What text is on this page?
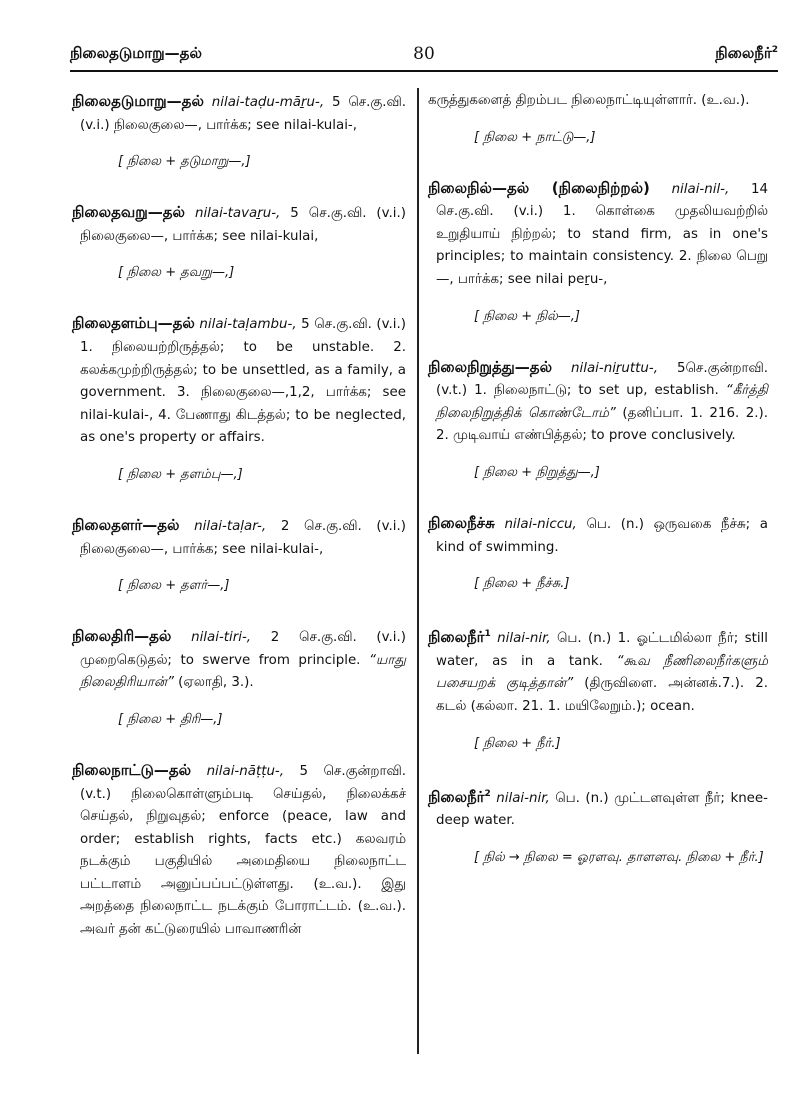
நிலைதடுமாறு—தல்	80	நிலைநீர்$^2$

நிலைதடுமாறு—தல் nilai-taḍu-māṟu-, 5 செ.கு.வி. (v.i.) நிலைகுலை—, பார்க்க; see nilai-kulai-,

[ நிலை + தடுமாறு—,]

நிலைதவறு—தல் nilai-tavaṟu-, 5 செ.கு.வி. (v.i.) நிலைகுலை—, பார்க்க; see nilai-kulai,

[ நிலை + தவறு—,]

நிலைதளம்பு—தல் nilai-taḷambu-, 5 செ.கு.வி. (v.i.) 1. நிலையற்றிருத்தல்; to be unstable. 2. கலக்கமுற்றிருத்தல்; to be unsettled, as a family, a government. 3. நிலைகுலை—,1,2, பார்க்க; see nilai-kulai-, 4. பேணாது கிடத்தல்; to be neglected, as one's property or affairs.

[ நிலை + தளம்பு—,]

நிலைதளர்—தல் nilai-taḷar-, 2 செ.கு.வி. (v.i.) நிலைகுலை—, பார்க்க; see nilai-kulai-,

[ நிலை + தளர்—,]

நிலைதிரி—தல் nilai-tiri-, 2 செ.கு.வி. (v.i.) முறைகெடுதல்; to swerve from principle. “யாது நிலைதிரியான்” (ஏலாதி, 3.).

[ நிலை + திரி—,]

நிலைநாட்டு—தல் nilai-nāṭṭu-, 5 செ.குன்றாவி. (v.t.) நிலைகொள்ளும்படி செய்தல், நிலைக்கச் செய்தல், நிறுவுதல்; enforce (peace, law and order; establish rights, facts etc.) கலவரம் நடக்கும் பகுதியில் அமைதியை நிலைநாட்ட பட்டாளம் அனுப்பப்பட்டுள்ளது. (உ.வ.). இது அறத்தை நிலைநாட்ட நடக்கும் போராட்டம். (உ.வ.). அவர் தன் கட்டுரையில் பாவாணரின்

கருத்துகளைத் திறம்பட நிலைநாட்டியுள்ளார். (உ.வ.).

[ நிலை + நாட்டு—,]

நிலைநில்—தல் (நிலைநிற்றல்) nilai-nil-, 14 செ.கு.வி. (v.i.) 1. கொள்கை முதலியவற்றில் உறுதியாய் நிற்றல்; to stand firm, as in one's principles; to maintain consistency. 2. நிலை பெறு—, பார்க்க; see nilai peṟu-,

[ நிலை + நில்—,]

நிலைநிறுத்து—தல் nilai-niṟuttu-, 5செ.குன்றாவி. (v.t.) 1. நிலைநாட்டு; to set up, establish. “கீர்த்தி நிலைநிறுத்திக் கொண்டோம்” (தனிப்பா. 1. 216. 2.). 2. முடிவாய் எண்பித்தல்; to prove conclusively.

[ நிலை + நிறுத்து—,]

நிலைநீச்சு nilai-niccu, பெ. (n.) ஒருவகை நீச்சு; a kind of swimming.

[ நிலை + நீச்சு.]

நிலைநீர்$^1$ nilai-nir, பெ. (n.) 1. ஓட்டமில்லா நீர்; still water, as in a tank. “கூவ நீணிலைநீர்களும் பசையறக் குடித்தான்” (திருவிளை. அன்னக்.7.). 2. கடல் (கல்லா. 21. 1. மயிலேறும்.); ocean.

[ நிலை + நீர்.]

நிலைநீர்$^2$ nilai-nir, பெ. (n.) முட்டளவுள்ள நீர்; knee-deep water.

[ நில் → நிலை = ஓரளவு. தாளளவு. நிலை + நீர்.]
